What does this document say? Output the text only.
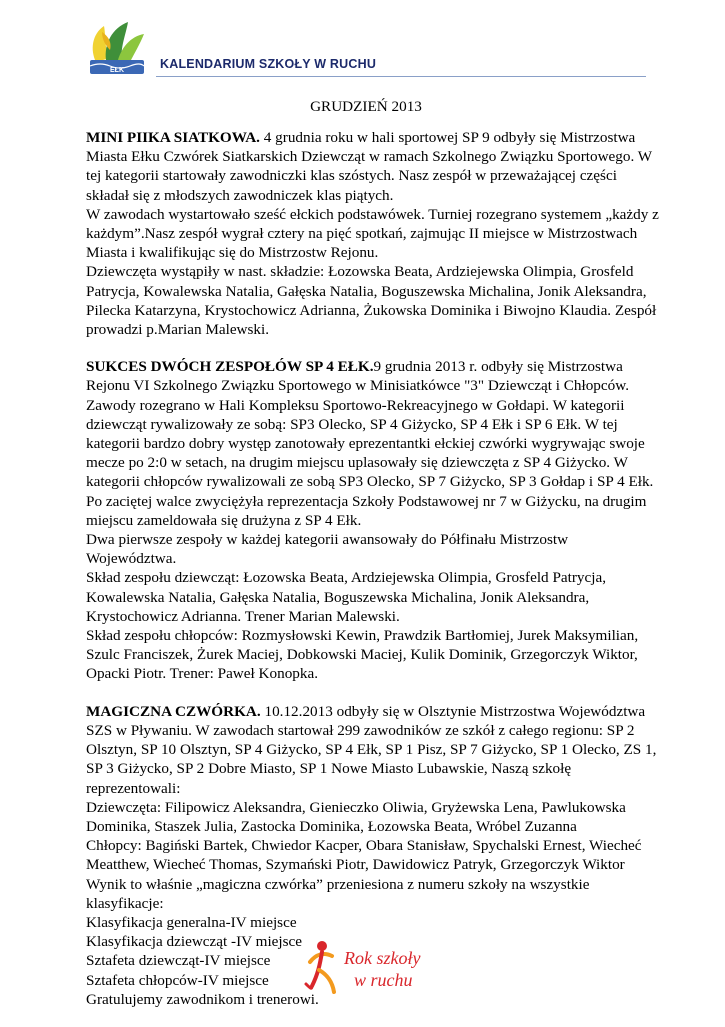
EŁK	KALENDARIUM SZKOŁY W RUCHU
GRUDZIEŃ 2013
MINI PIIKA SIATKOWA. 4 grudnia roku w hali sportowej SP 9 odbyły się Mistrzostwa
Miasta Ełku Czwórek Siatkarskich Dziewcząt w ramach Szkolnego Związku Sportowego. W
tej kategorii startowały zawodniczki klas szóstych. Nasz zespół w przeważającej części
składał się z młodszych zawodniczek klas piątych.
W zawodach wystartowało sześć ełckich podstawówek. Turniej rozegrano systemem „każdy z
każdym”.Nasz zespół wygrał cztery na pięć spotkań, zajmując II miejsce w Mistrzostwach
Miasta i kwalifikując się do Mistrzostw Rejonu.
Dziewczęta wystąpiły w nast. składzie: Łozowska Beata, Ardziejewska Olimpia, Grosfeld
Patrycja, Kowalewska Natalia, Gałęska Natalia, Boguszewska Michalina, Jonik Aleksandra,
Pilecka Katarzyna, Krystochowicz Adrianna, Żukowska Dominika i Biwojno Klaudia. Zespół
prowadzi p.Marian Malewski.
SUKCES DWÓCH ZESPOŁÓW SP 4 EŁK.9 grudnia 2013 r. odbyły się Mistrzostwa
Rejonu VI Szkolnego Związku Sportowego w Minisiatkówce "3" Dziewcząt i Chłopców.
Zawody rozegrano w Hali Kompleksu Sportowo-Rekreacyjnego w Gołdapi. W kategorii
dziewcząt rywalizowały ze sobą: SP3 Olecko, SP 4 Giżycko, SP 4 Ełk i SP 6 Ełk. W tej
kategorii bardzo dobry występ zanotowały eprezentantki ełckiej czwórki wygrywając swoje
mecze po 2:0 w setach, na drugim miejscu uplasowały się dziewczęta z SP 4 Giżycko. W
kategorii chłopców rywalizowali ze sobą SP3 Olecko, SP 7 Giżycko, SP 3 Gołdap i SP 4 Ełk.
Po zaciętej walce zwyciężyła reprezentacja Szkoły Podstawowej nr 7 w Giżycku, na drugim
miejscu zameldowała się drużyna z SP 4 Ełk.
Dwa pierwsze zespoły w każdej kategorii awansowały do Półfinału Mistrzostw
Województwa.
Skład zespołu dziewcząt: Łozowska Beata, Ardziejewska Olimpia, Grosfeld Patrycja,
Kowalewska Natalia, Gałęska Natalia, Boguszewska Michalina, Jonik Aleksandra,
Krystochowicz Adrianna. Trener Marian Malewski.
Skład zespołu chłopców: Rozmysłowski Kewin, Prawdzik Bartłomiej, Jurek Maksymilian,
Szulc Franciszek, Żurek Maciej, Dobkowski Maciej, Kulik Dominik, Grzegorczyk Wiktor,
Opacki Piotr. Trener: Paweł Konopka.
MAGICZNA CZWÓRKA. 10.12.2013 odbyły się w Olsztynie Mistrzostwa Województwa
SZS w Pływaniu. W zawodach startował 299 zawodników ze szkół z całego regionu: SP 2
Olsztyn, SP 10 Olsztyn, SP 4 Giżycko, SP 4 Ełk, SP 1 Pisz, SP 7 Giżycko, SP 1 Olecko, ZS 1,
SP 3 Giżycko, SP 2 Dobre Miasto, SP 1 Nowe Miasto Lubawskie, Naszą szkołę
reprezentowali:
Dziewczęta: Filipowicz Aleksandra, Gienieczko Oliwia, Gryżewska Lena, Pawlukowska
Dominika, Staszek Julia, Zastocka Dominika, Łozowska Beata, Wróbel Zuzanna
Chłopcy: Bagiński Bartek, Chwiedor Kacper, Obara Stanisław, Spychalski Ernest, Wiecheć
Meatthew, Wiecheć Thomas, Szymański Piotr, Dawidowicz Patryk, Grzegorczyk Wiktor
Wynik to właśnie „magiczna czwórka” przeniesiona z numeru szkoły na wszystkie
klasyfikacje:
Klasyfikacja generalna-IV miejsce
Klasyfikacja dziewcząt -IV miejsce
Sztafeta dziewcząt-IV miejsce
Sztafeta chłopców-IV miejsce
Gratulujemy zawodnikom i trenerowi.
Rok szkoły
w ruchu
